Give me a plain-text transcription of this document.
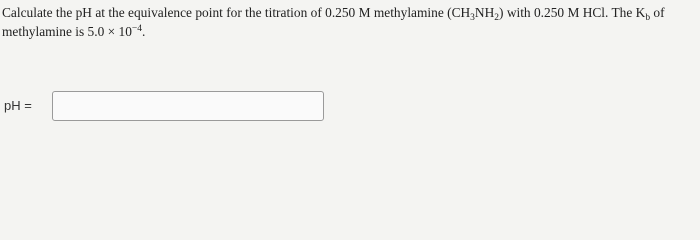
Calculate the pH at the equivalence point for the titration of 0.250 M methylamine $(CH_3NH_2)$ with 0.250 M HCl. The $K_b$ of methylamine is $5.0 \times 10^{-4}$.

pH =
